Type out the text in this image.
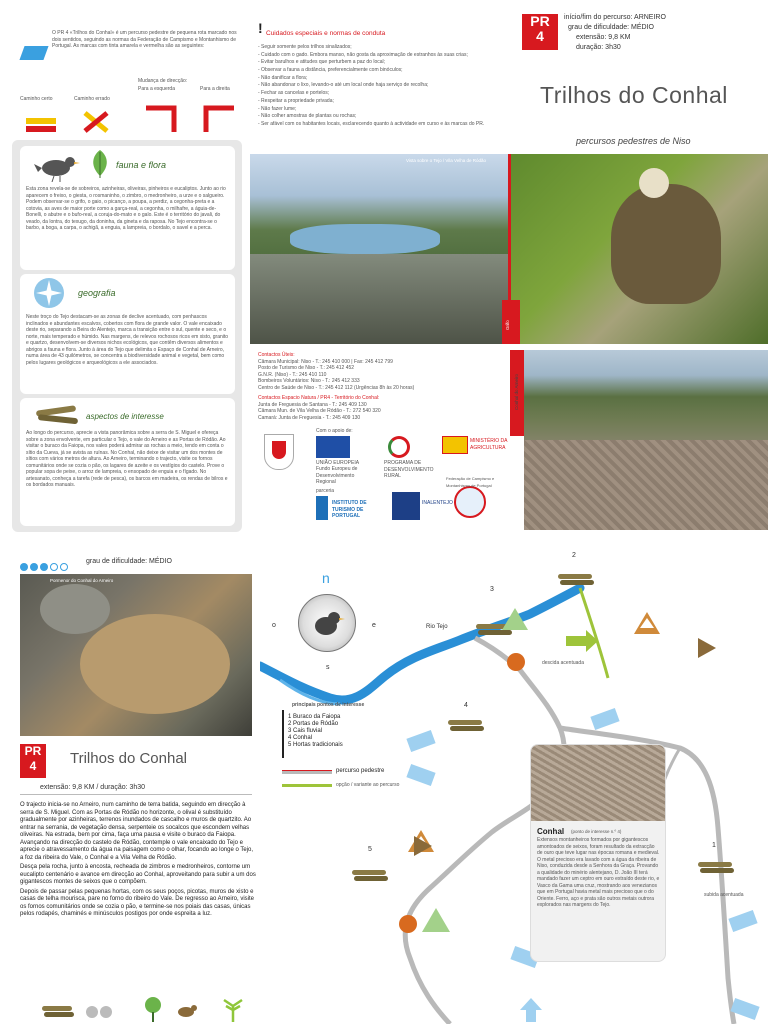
O PR 4 «Trilhos do Conhal» é um percurso pedestre de pequena rota marcado nos dois sentidos, seguindo as normas da Federação de Campismo e Montanhismo de Portugal. As marcas com tinta amarela e vermelha são as seguintes:
Caminho certo	Caminho errado
Mudança de direcção:
Para a esquerda	Para a direita
fauna e flora
Esta zona revela-se de sobreiros, azinheiras, oliveiras, pinheiros e eucaliptos. Junto ao rio aparecem o freixo, o giesta, o rosmaninho, o zimbro, o medronheiro, a urze e o salgueiro. Podem observar-se o grifo, o gaio, o picanço, a poupa, a perdiz, a cegonha-preta e a cotovia, as aves de maior porte como a garça-real, a cegonha, o milhafre, a águia-de-Bonelli, o abutre e o bufo-real, a coruja-do-mato e o galo. Este é o território do javali, do veado, da lontra, do texugo, da doninha, da gineta e da raposa. No Tejo encontra-se o barbo, a boga, a carpa, o achigã, a enguia, a lampreia, o bordalo, o savel e a perca.
geografia
Neste troço do Tejo destacam-se as zonas de declive acentuado, com penhascos inclinados e abundantes escalvos, cobertos com flora de grande valor. O vale encaixado deste rio, separando a Beira do Alentejo, marca a transição entre o sul, quente e seco, e o norte, mais temperado e húmido. Nas margens, de relevos rochosos ricos em xisto, granito e quartzo, desenvolvem-se diversos nichos ecológicos, que contêm diversos alimentos e abrigos a fauna e flora. Junto à área do Tejo que delimita o Espaço de Conhal de Arneiro, numa área de 43 quilómetros, se concentra a biodiversidade animal e vegetal, bem como pelos lugares geológicos e arqueológicos a ele associados.
aspectos de interesse
Ao longo do percurso, aprecie a vista panorâmica sobre a serra de S. Miguel e ofereça sobre a zona envolvente, em particular o Tejo, o vale do Arneiro e as Portas de Ródão. Ao visitar o buraco da Faiopa, nos vales poderá admirar as rochas a meio, tendo em conta o sítio da Cueva, já se avista as ruínas. No Conhal, não deixe de visitar um dos montes de sítios com vários metros de altura. Ao Arneiro, terminando o trajecto, visite os fornos comunitários onde se cozia o pão, os lagares de azeite e os vestígios do castelo. Prove o popular sopa de peixe, o arroz de lampreia, o ensopado de enguia e o fígado. No artesanato, conheça a tarefa (rede de pesca), os barcos em madeira, os rendas de bilros e os bordados manuais.
! Cuidados especiais e normas de conduta
- Seguir somente pelos trilhos sinalizados;
- Cuidado com o gado. Embora manso, não gosta da aproximação de estranhos às suas crias;
- Evitar barulhos e atitudes que perturbem a paz do local;
- Observar a fauna a distância, preferencialmente com binóculos;
- Não danificar a flora;
- Não abandonar o lixo, levando-o até um local onde haja serviço de recolha;
- Fechar as cancelas e portelos;
- Respeitar a propriedade privada;
- Não fazer lume;
- Não colher amostras de plantas ou rochas;
- Ser afável com os habitantes locais, esclarecendo quanto à actividade em curso e às marcas do PR.
PR
4
início/fim do percurso: ARNEIRO
grau de dificuldade: MÉDIO
extensão: 9,8 KM
duração: 3h30
Trilhos do Conhal
percursos pedestres de Niso
Vista sobre o Tejo / Vila Velha de Ródão
Grifo
Conhal do Arneiro
Contactos Úteis:
Câmara Municipal: Niso - T.: 245 410 000 | Fax: 245 412 799
Posto de Turismo de Niso - T.: 245 412 452
G.N.R. (Niso) - T.: 245 410 110
Bombeiros Voluntários: Niso - T.: 245 412 333
Centro de Saúde de Niso - T.: 245 412 112 (Urgências 8h às 20 horas)
Contactos Espacio Natura / PR4 - Território do Conhal:
Junta de Freguesia de Santana - T.: 245 409 130
Câmara Mun. de Vila Velha de Ródão - T.: 272 540 320
Camará: Junta de Freguesia - T.: 245 409 130
Com o apoio de:
UNIÃO EUROPEIA
Fundo Europeu de Desenvolvimento Regional
PROGRAMA DE DESENVOLVIMENTO RURAL
MINISTÉRIO DA AGRICULTURA
parceria
INSTITUTO DE TURISMO DE PORTUGAL
INALENTEJO
Federação de Campismo e Montanhismo de Portugal
grau de dificuldade: MÉDIO
Pormenor do Conhal do Arneiro
PR
4	Trilhos do Conhal
extensão: 9,8 KM / duração: 3h30
O trajecto inicia-se no Arneiro, num caminho de terra batida, seguindo em direcção à serra de S. Miguel. Com as Portas de Ródão no horizonte, o olival é substituído gradualmente por azinheiras, terrenos inundados de cascalho e muros de quartzito. Ao entrar na serrania, de vegetação densa, serpenteie os socalcos que escondem velhas oliveiras. Na estrada, bem por cima, faça uma pausa e visite o buraco da Faiopa. Avançando na direcção do castelo de Ródão, contemple o vale encaixado do Tejo e aprecie o atravessamento da água na paisagem como o olhar, focando ao longe o Tejo, a foz da ribeira do Vale, o Conhal e a Vila Velha de Ródão.
Desça pela rocha, junto à encosta, recheada de zimbros e medronheiros, contorne um eucalipto centenário e avance em direcção ao Conhal, aproveitando para subir a um dos gigantescos montes de seixos que o compõem.
Depois de passar pelas pequenas hortas, com os seus poços, picotas, muros de xisto e casas de telha mourisca, pare no forno do ribeiro do Vale. De regresso ao Arneiro, visite os fornos comunitários onde se cozia o pão, e termine-se nos poiais das casas, únicas pelos rodapés, chaminés e minúsculos postigos por onde espreita a luz.
n
o	e
s
Rio Tejo
2
3
descida acentuada
4
principais pontos de interesse
1 Buraco da Faiopa
2 Portas de Ródão
3 Cais fluvial
4 Conhal
5 Hortas tradicionais
percurso pedestre
opção / variante ao percurso
5
1
subida acentuada
Conhal (ponto de interesse n.º 4)
Extensos montanheiros formados por gigantescos amontoados de seixos, foram resultado da extracção de ouro que teve lugar nas épocas romana e medieval. O metal precioso era lavado com a água da ribeira de Niso, conduzida desde a Senhora da Graça. Provando a qualidade do minério alentejano, D. João III terá mandado fazer um ceptro em ouro extraído deste rio, e Vasco da Gama uma cruz, mostrando aos venezianos que em Portugal havia metal mais precioso que o do Oriente. Ferro, aço e prata são outros metais outrora explorados nas margens do Tejo.
